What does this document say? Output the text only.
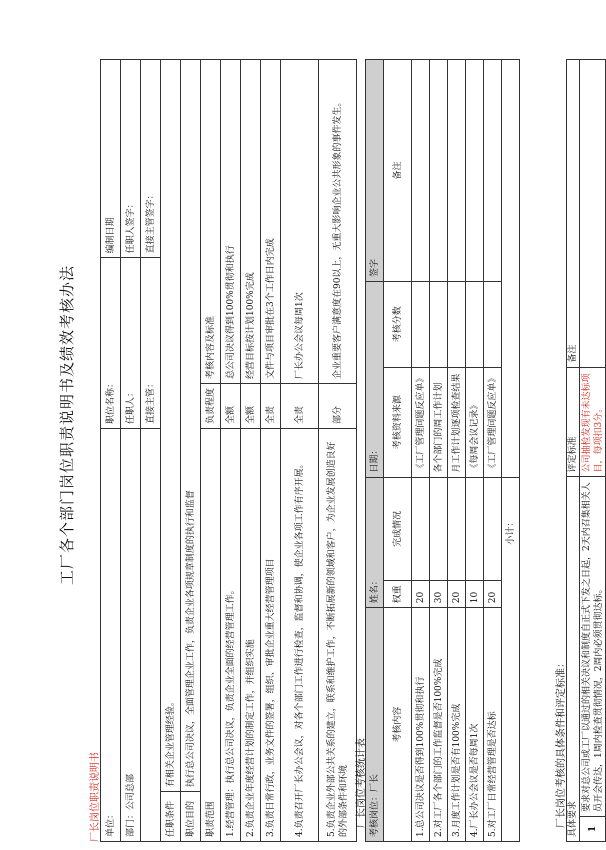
工厂各个部门岗位职责说明书及绩效考核办法
厂长岗位职责说明书 单位：		职位名称：		编制日期
部门：公司总部		任职人：		任职人签字：
		直接主管：		直接主管签字：
任职条件	有相关企业管理经验。			
职位目的	执行总公司决议，全面管理企业工作，负责企业各项规章制度的执行和监督			
职责范围		负责程度	考核内容及标准	
1.经营管理：执行总公司决议，负责企业全面的经营管理工作。		全额	总公司决议得到100%贯彻和执行	
2.负责企业年度经营计划的制定工作，并组织实施		全额	经营目标按计划100%完成	
3.负责日常行政，业务文件的签署，组织、审批企业重大经营管理项目		全责	文件与项目审批在3个工作日内完成	
4.负责召开厂长办公会议，对各个部门工作进行检查，监督和协调，使企业各项工作有序开展。		全责	厂长办公会议每周1次	
5.负责企业外部公共关系的建立，联系和维护工作，不断拓展新的领域和客户，为企业发展创造良好的外部条件和环境		部分	企业重要客户满意度在90以上，无重大影响企业公共形象的事件发生。	
厂长岗位考核统计表 考核岗位：厂长	姓名：		日期：		签字
考核内容	权重	完成情况	考核资料来源	考核分数	备注
1.总公司决议是否得到100%贯彻和执行	20		《工厂管理问题反应单》		
2.对工厂各个部门的工作监督是否100%完成	30		各个部门的周工作计划		
3.月度工作计划是否有100%完成	20		月工作计划逐项检查结果		
4.厂长办公会议是否每周1次	10		《每周会议记录》		
5.对工厂日常经营管理是否达标	20		《工厂管理问题反应单》		
小计：					
厂长岗位考核的具体条件和评定标准： 具体要求		评定标准	备注
1	要求对总公司或工厂以通过的相关决议和制度自正式下发之日起，2天内召集相关人员开会传达，1周内检查贯彻情况，2周内必须贯彻达标。	公司抽检发现有未达标项目，每项扣3分。	
